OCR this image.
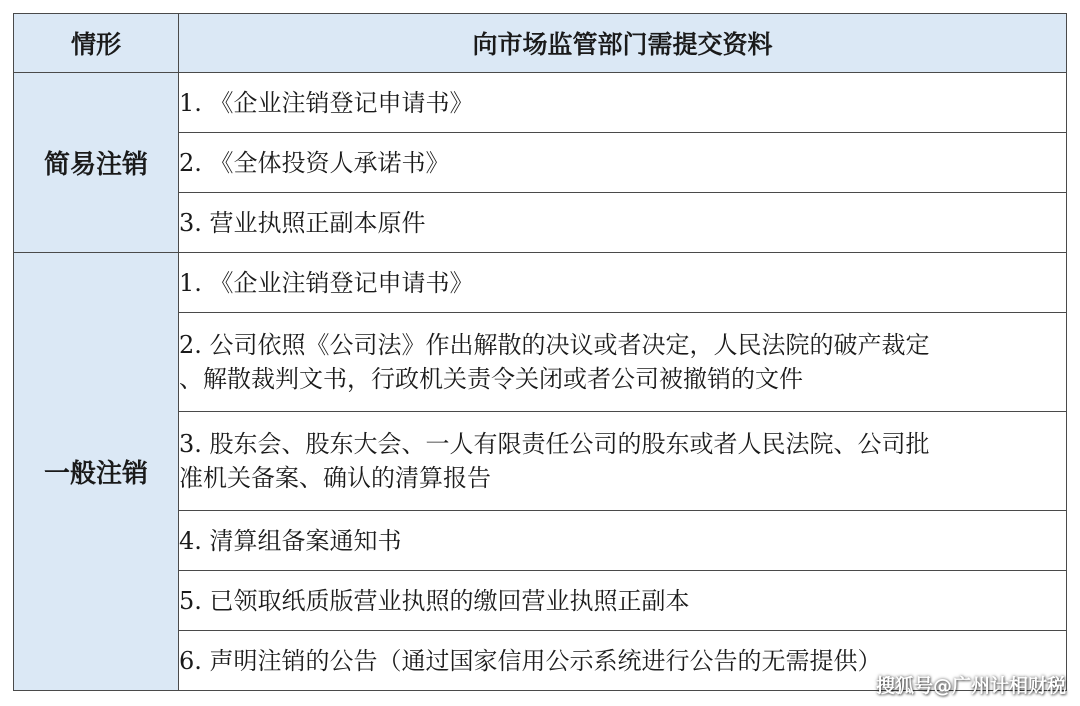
情形	向市场监管部门需提交资料
简易注销	1. 《企业注销登记申请书》
	2. 《全体投资人承诺书》
	3. 营业执照正副本原件
一般注销	1. 《企业注销登记申请书》

	2. 公司依照《公司法》作出解散的决议或者决定，人民法院的破产裁定
、解散裁判文书，行政机关责令关闭或者公司被撤销的文件

	3. 股东会、股东大会、一人有限责任公司的股东或者人民法院、公司批
准机关备案、确认的清算报告

	4. 清算组备案通知书
	5. 已领取纸质版营业执照的缴回营业执照正副本
	6. 声明注销的公告（通过国家信用公示系统进行公告的无需提供）
搜狐号@广州计相财税
